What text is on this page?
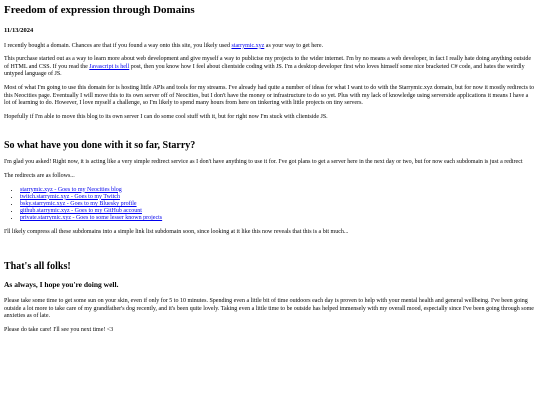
Freedom of expression through Domains

11/13/2024

I recently bought a domain. Chances are that if you found a way onto this site, you likely used starrymic.xyz as your way to get here.

This purchase started out as a way to learn more about web development and give myself a way to publicise my projects to the wider internet. I'm by no means a web developer, in fact I really hate doing anything outside of HTML and CSS. If you read the Javascript is hell post, then you know how I feel about clientside coding with JS. I'm a desktop developer first who loves himself some nice bracketed C# code, and hates the weirdly untyped language of JS.

Most of what I'm going to use this domain for is hosting little APIs and tools for my streams. I've already had quite a number of ideas for what I want to do with the Starrymic.xyz domain, but for now it mostly redirects to this Neocities page. Eventually I will move this to its own server off of Neocities, but I don't have the money or infrastructure to do so yet. Plus with my lack of knowledge using serverside applications it means I have a lot of learning to do. However, I love myself a challenge, so I'm likely to spend many hours from here on tinkering with little projects on tiny servers.

Hopefully if I'm able to move this blog to its own server I can do some cool stuff with it, but for right now I'm stuck with clientside JS.

So what have you done with it so far, Starry?

I'm glad you asked! Right now, it is acting like a very simple redirect service as I don't have anything to use it for. I've got plans to get a server here in the next day or two, but for now each subdomain is just a redirect

The redirects are as follows...

• starrymic.xyz - Goes to my Neocities blog
• twitch.starrymic.xyz - Goes to my Twitch
• bsky.starrymic.xyz - Goes to my Bluesky profile
• github.starrymic.xyz - Goes to my GitHub account
• private.starrymic.xyz - Goes to some lesser known projects

I'll likely compress all these subdomains into a simple link list subdomain soon, since looking at it like this now reveals that this is a bit much...

That's all folks!
As always, I hope you're doing well.

Please take some time to get some sun on your skin, even if only for 5 to 10 minutes. Spending even a little bit of time outdoors each day is proven to help with your mental health and general wellbeing. I've been going outside a lot more to take care of my grandfather's dog recently, and it's been quite lovely. Taking even a little time to be outside has helped immensely with my overall mood, especially since I've been going through some anxieties as of late.

Please do take care! I'll see you next time! <3
